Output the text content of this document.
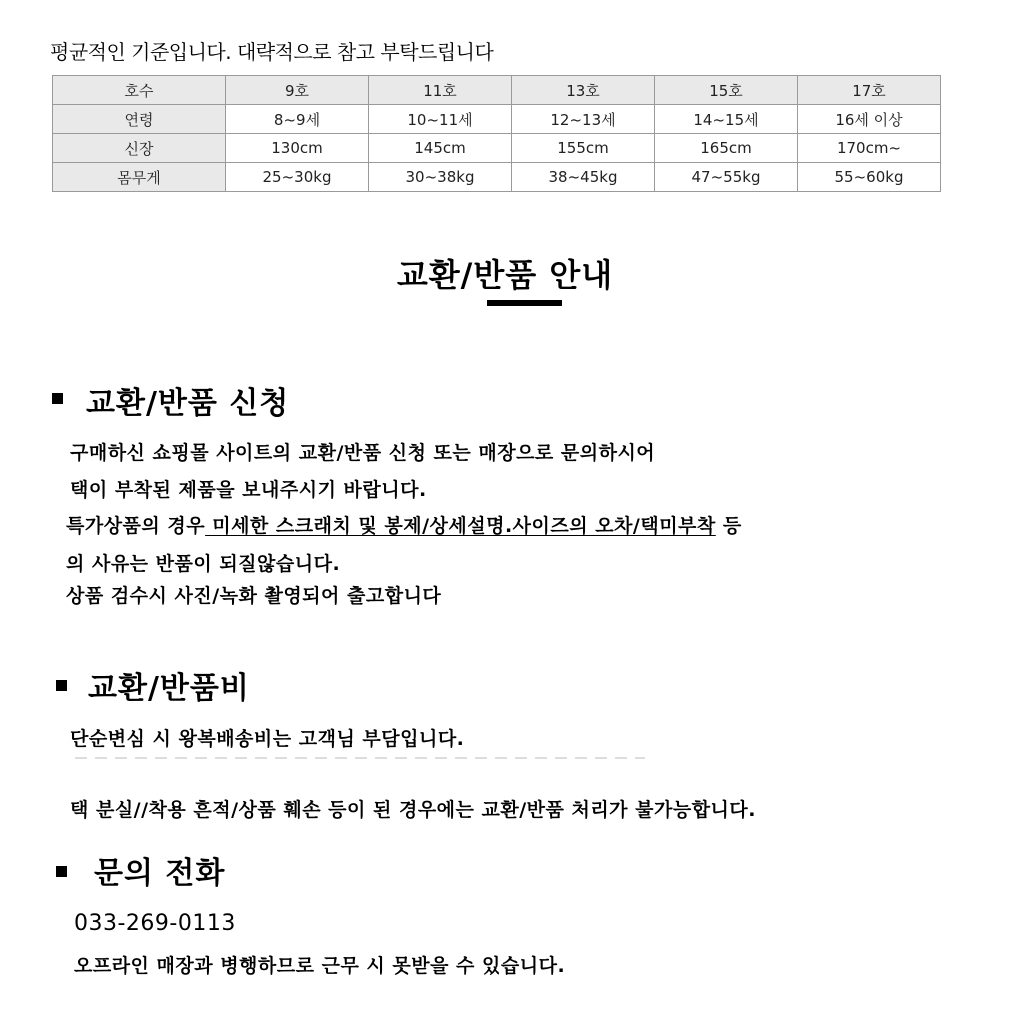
평균적인 기준입니다. 대략적으로 참고 부탁드립니다
호수	9호	11호	13호	15호	17호
연령	8~9세	10~11세	12~13세	14~15세	16세 이상
신장	130cm	145cm	155cm	165cm	170cm~
몸무게	25~30kg	30~38kg	38~45kg	47~55kg	55~60kg
교환/반품 안내
교환/반품 신청
구매하신 쇼핑몰 사이트의 교환/반품 신청 또는 매장으로 문의하시어
택이 부착된 제품을 보내주시기 바랍니다.
특가상품의 경우 미세한 스크래치 및 봉제/상세설명.사이즈의 오차/택미부착 등
의 사유는 반품이 되질않습니다.
상품 검수시 사진/녹화 촬영되어 출고합니다
교환/반품비
단순변심 시 왕복배송비는 고객님 부담입니다.
택 분실//착용 흔적/상품 훼손 등이 된 경우에는 교환/반품 처리가 불가능합니다.
문의 전화
033-269-0113
오프라인 매장과 병행하므로 근무 시 못받을 수 있습니다.
